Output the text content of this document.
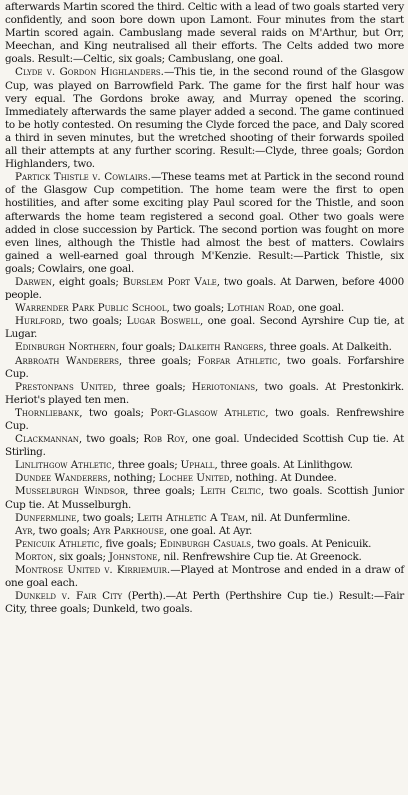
afterwards Martin scored the third. Celtic with a lead of two goals started very confidently, and soon bore down upon Lamont. Four minutes from the start Martin scored again. Cambuslang made several raids on M'Arthur, but Orr, Meechan, and King neutralised all their efforts. The Celts added two more goals. Result:—Celtic, six goals; Cambuslang, one goal.

Clyde v. Gordon Highlanders.—This tie, in the second round of the Glasgow Cup, was played on Barrowfield Park. The game for the first half hour was very equal. The Gordons broke away, and Murray opened the scoring. Immediately afterwards the same player added a second. The game continued to be hotly contested. On resuming the Clyde forced the pace, and Daly scored a third in seven minutes, but the wretched shooting of their forwards spoiled all their attempts at any further scoring. Result:—Clyde, three goals; Gordon Highlanders, two.

Partick Thistle v. Cowlairs.—These teams met at Partick in the second round of the Glasgow Cup competition. The home team were the first to open hostilities, and after some exciting play Paul scored for the Thistle, and soon afterwards the home team registered a second goal. Other two goals were added in close succession by Partick. The second portion was fought on more even lines, although the Thistle had almost the best of matters. Cowlairs gained a well-earned goal through M'Kenzie. Result:—Partick Thistle, six goals; Cowlairs, one goal.

Darwen, eight goals; Burslem Port Vale, two goals. At Darwen, before 4000 people.

Warrender Park Public School, two goals; Lothian Road, one goal.

Hurlford, two goals; Lugar Boswell, one goal. Second Ayrshire Cup tie, at Lugar.

Edinburgh Northern, four goals; Dalkeith Rangers, three goals. At Dalkeith.

Arbroath Wanderers, three goals; Forfar Athletic, two goals. Forfarshire Cup.

Prestonpans United, three goals; Heriotonians, two goals. At Prestonkirk. Heriot's played ten men.

Thornliebank, two goals; Port-Glasgow Athletic, two goals. Renfrewshire Cup.

Clackmannan, two goals; Rob Roy, one goal. Undecided Scottish Cup tie. At Stirling.

Linlithgow Athletic, three goals; Uphall, three goals. At Linlithgow.

Dundee Wanderers, nothing; Lochee United, nothing. At Dundee.

Musselburgh Windsor, three goals; Leith Celtic, two goals. Scottish Junior Cup tie. At Musselburgh.

Dunfermline, two goals; Leith Athletic A Team, nil. At Dunfermline.

Ayr, two goals; Ayr Parkhouse, one goal. At Ayr.

Penicuik Athletic, five goals; Edinburgh Casuals, two goals. At Penicuik.

Morton, six goals; Johnstone, nil. Renfrewshire Cup tie. At Greenock.

Montrose United v. Kirriemuir.—Played at Montrose and ended in a draw of one goal each.

Dunkeld v. Fair City (Perth).—At Perth (Perthshire Cup tie.) Result:—Fair City, three goals; Dunkeld, two goals.
